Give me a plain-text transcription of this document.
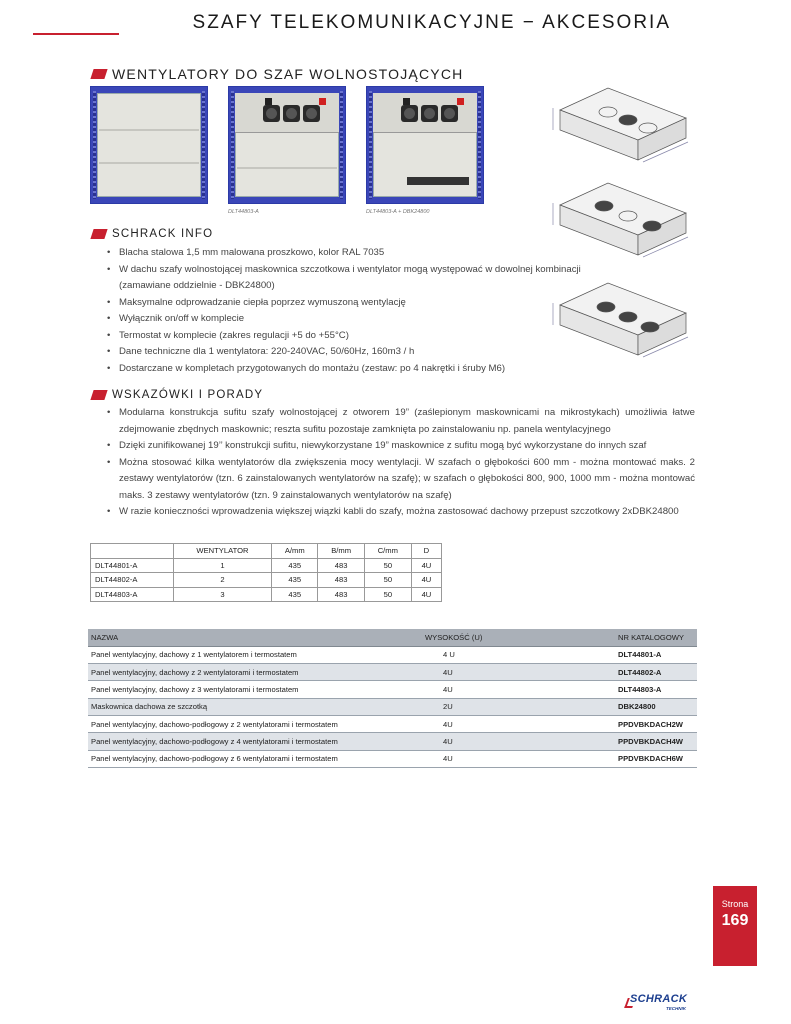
SZAFY TELEKOMUNIKACYJNE − AKCESORIA
WENTYLATORY DO SZAF WOLNOSTOJĄCYCH
DLT44803-A	DLT44803-A + DBK24800
SCHRACK INFO
• Blacha stalowa 1,5 mm malowana proszkowo, kolor RAL 7035
• W dachu szafy wolnostojącej maskownica szczotkowa i wentylator mogą występować w dowolnej kombinacji (zamawiane oddzielnie - DBK24800)
• Maksymalne odprowadzanie ciepła poprzez wymuszoną wentylację
• Wyłącznik on/off w komplecie
• Termostat w komplecie (zakres regulacji +5 do +55°C)
• Dane techniczne dla 1 wentylatora: 220-240VAC, 50/60Hz, 160m3 / h
• Dostarczane w kompletach przygotowanych do montażu (zestaw: po 4 nakrętki i śruby M6)
WSKAZÓWKI I PORADY
• Modularna konstrukcja sufitu szafy wolnostojącej z otworem 19” (zaślepionym maskownicami na mikrostykach) umożliwia łatwe zdejmowanie zbędnych maskownic; reszta sufitu pozostaje zamknięta po zainstalowaniu np. panela wentylacyjnego
• Dzięki zunifikowanej 19’’ konstrukcji sufitu, niewykorzystane 19” maskownice z sufitu mogą być wykorzystane do innych szaf
• Można stosować kilka wentylatorów dla zwiększenia mocy wentylacji. W szafach o głębokości 600 mm - można montować maks. 2 zestawy wentylatorów (tzn. 6 zainstalowanych wentylatorów na szafę); w szafach o głębokości 800, 900, 1000 mm - można montować maks. 3 zestawy wentylatorów (tzn. 9 zainstalowanych wentylatorów na szafę)
• W razie konieczności wprowadzenia większej wiązki kabli do szafy, można zastosować dachowy przepust szczotkowy 2xDBK24800
	WENTYLATOR	A/mm	B/mm	C/mm	D
DLT44801-A	1	435	483	50	4U
DLT44802-A	2	435	483	50	4U
DLT44803-A	3	435	483	50	4U
NAZWA	WYSOKOŚĆ (U)	NR KATALOGOWY
Panel wentylacyjny, dachowy z 1 wentylatorem i termostatem	4 U	DLT44801-A
Panel wentylacyjny, dachowy z 2 wentylatorami i termostatem	4U	DLT44802-A
Panel wentylacyjny, dachowy z 3 wentylatorami i termostatem	4U	DLT44803-A
Maskownica dachowa ze szczotką	2U	DBK24800
Panel wentylacyjny, dachowo-podłogowy z 2 wentylatorami i termostatem	4U	PPDVBKDACH2W
Panel wentylacyjny, dachowo-podłogowy z 4 wentylatorami i termostatem	4U	PPDVBKDACH4W
Panel wentylacyjny, dachowo-podłogowy z 6 wentylatorami i termostatem	4U	PPDVBKDACH6W
Strona
169
SCHRACK
TECHNIK
